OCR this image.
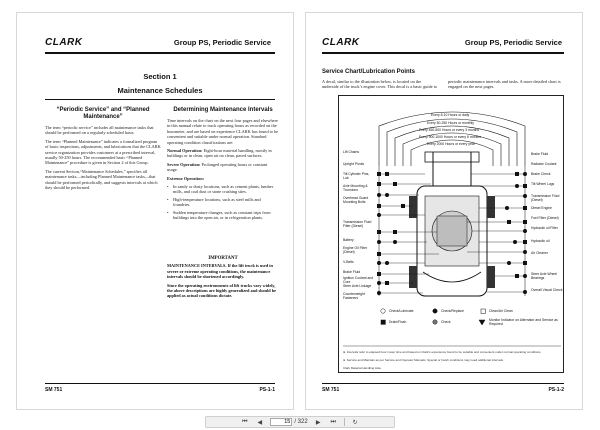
CLARK	Group PS, Periodic Service
Section 1
Maintenance Schedules
“Periodic Service” and “Planned Maintenance”

The term “periodic service” includes all maintenance tasks that should be performed on a regularly scheduled basis.

The term “Planned Maintenance” indicates a formalized program of basic inspections, adjustments, and lubrications that the CLARK service organization provides customers at a prescribed interval, usually 50-250 hours. The recommended basic “Planned Maintenance” procedure is given in Section 2 of this Group.

The current Section,“Maintenance Schedules,” specifies all maintenance tasks—including Planned Maintenance tasks—that should be performed periodically, and suggests intervals at which they should be performed.

Determining Maintenance Intervals

Time intervals on the chart on the next four pages and elsewhere in this manual relate to truck operating hours as recorded on the hourmeter, and are based on experience CLARK has found to be convenient and suitable under normal operation. Standard operating condition classifications are:

Normal Operation: Eight-hour material handling, mostly in buildings or in clean, open air on clean, paved surfaces.

Severe Operation: Prolonged operating hours or constant usage.

Extreme Operation:

• In sandy or dusty locations, such as cement plants, lumber mills, and coal dust or stone crushing sites.
• High-temperature locations, such as steel mills and foundries.
• Sudden temperature changes, such as constant trips from buildings into the open air, or in refrigeration plants.
IMPORTANT

MAINTENANCE INTERVALS. If the lift truck is used in severe or extreme operating conditions, the maintenance intervals should be shortened accordingly.

Since the operating environments of lift trucks vary widely, the above descriptions are highly generalized and should be applied as actual conditions dictate.

SM 751	PS-1-1
CLARK	Group PS, Periodic Service
Service Chart/Lubrication Points
A decal, similar to the illustration below, is located on the underside of the truck’s engine cover. This decal is a basic guide to periodic maintenance intervals and tasks. A more detailed chart is engaged on the next pages.
Every 8-10 Hours or daily
Every 50-250 Hours or monthly
Every 450-500 Hours or every 3 months
Every 900-1000 Hours or every 6 months
Every 2000 Hours or every year
Lift Chains
Upright Pivots
Tilt Cylinder Pins, Lub
Axle Mounting & Trunnions
Overhead Guard Mounting Bolts
Transmission Fluid Filter (Diesel)
Battery
Engine Oil Filter (Diesel)
V-Belts
Brake Fluid
Ignition Coolant and Core
Steer Axle Linkage
Counterweight Fasteners
Brake Fluid
Radiator Coolant
Brake Check
Tilt Wheel Lugs
Transmission Fluid (Diesel)
Diesel Engine
Fuel Filter (Diesel)
Hydraulic oil Filter
Hydraulic oil
Air Cleaner
Steer Axle Wheel Bearings
Overall Visual Check
Check/Lubricate	Check/Replace	Clean/Air Clean
Drain/Flush	Check	Monitor Indicator on Alternator and Service as Required
► Intervals refer to elapsed hour meter time and based on Clark’s experience found to be suitable and convenient under normal operating conditions.
► Service and Maintain as per Service and Operator Manuals. Special or harsh conditions may need additional intervals.
Clark Material Handling Asia
SM 751	PS-1-2
⏮	◀
15	/ 322	▶	⏭	↻
